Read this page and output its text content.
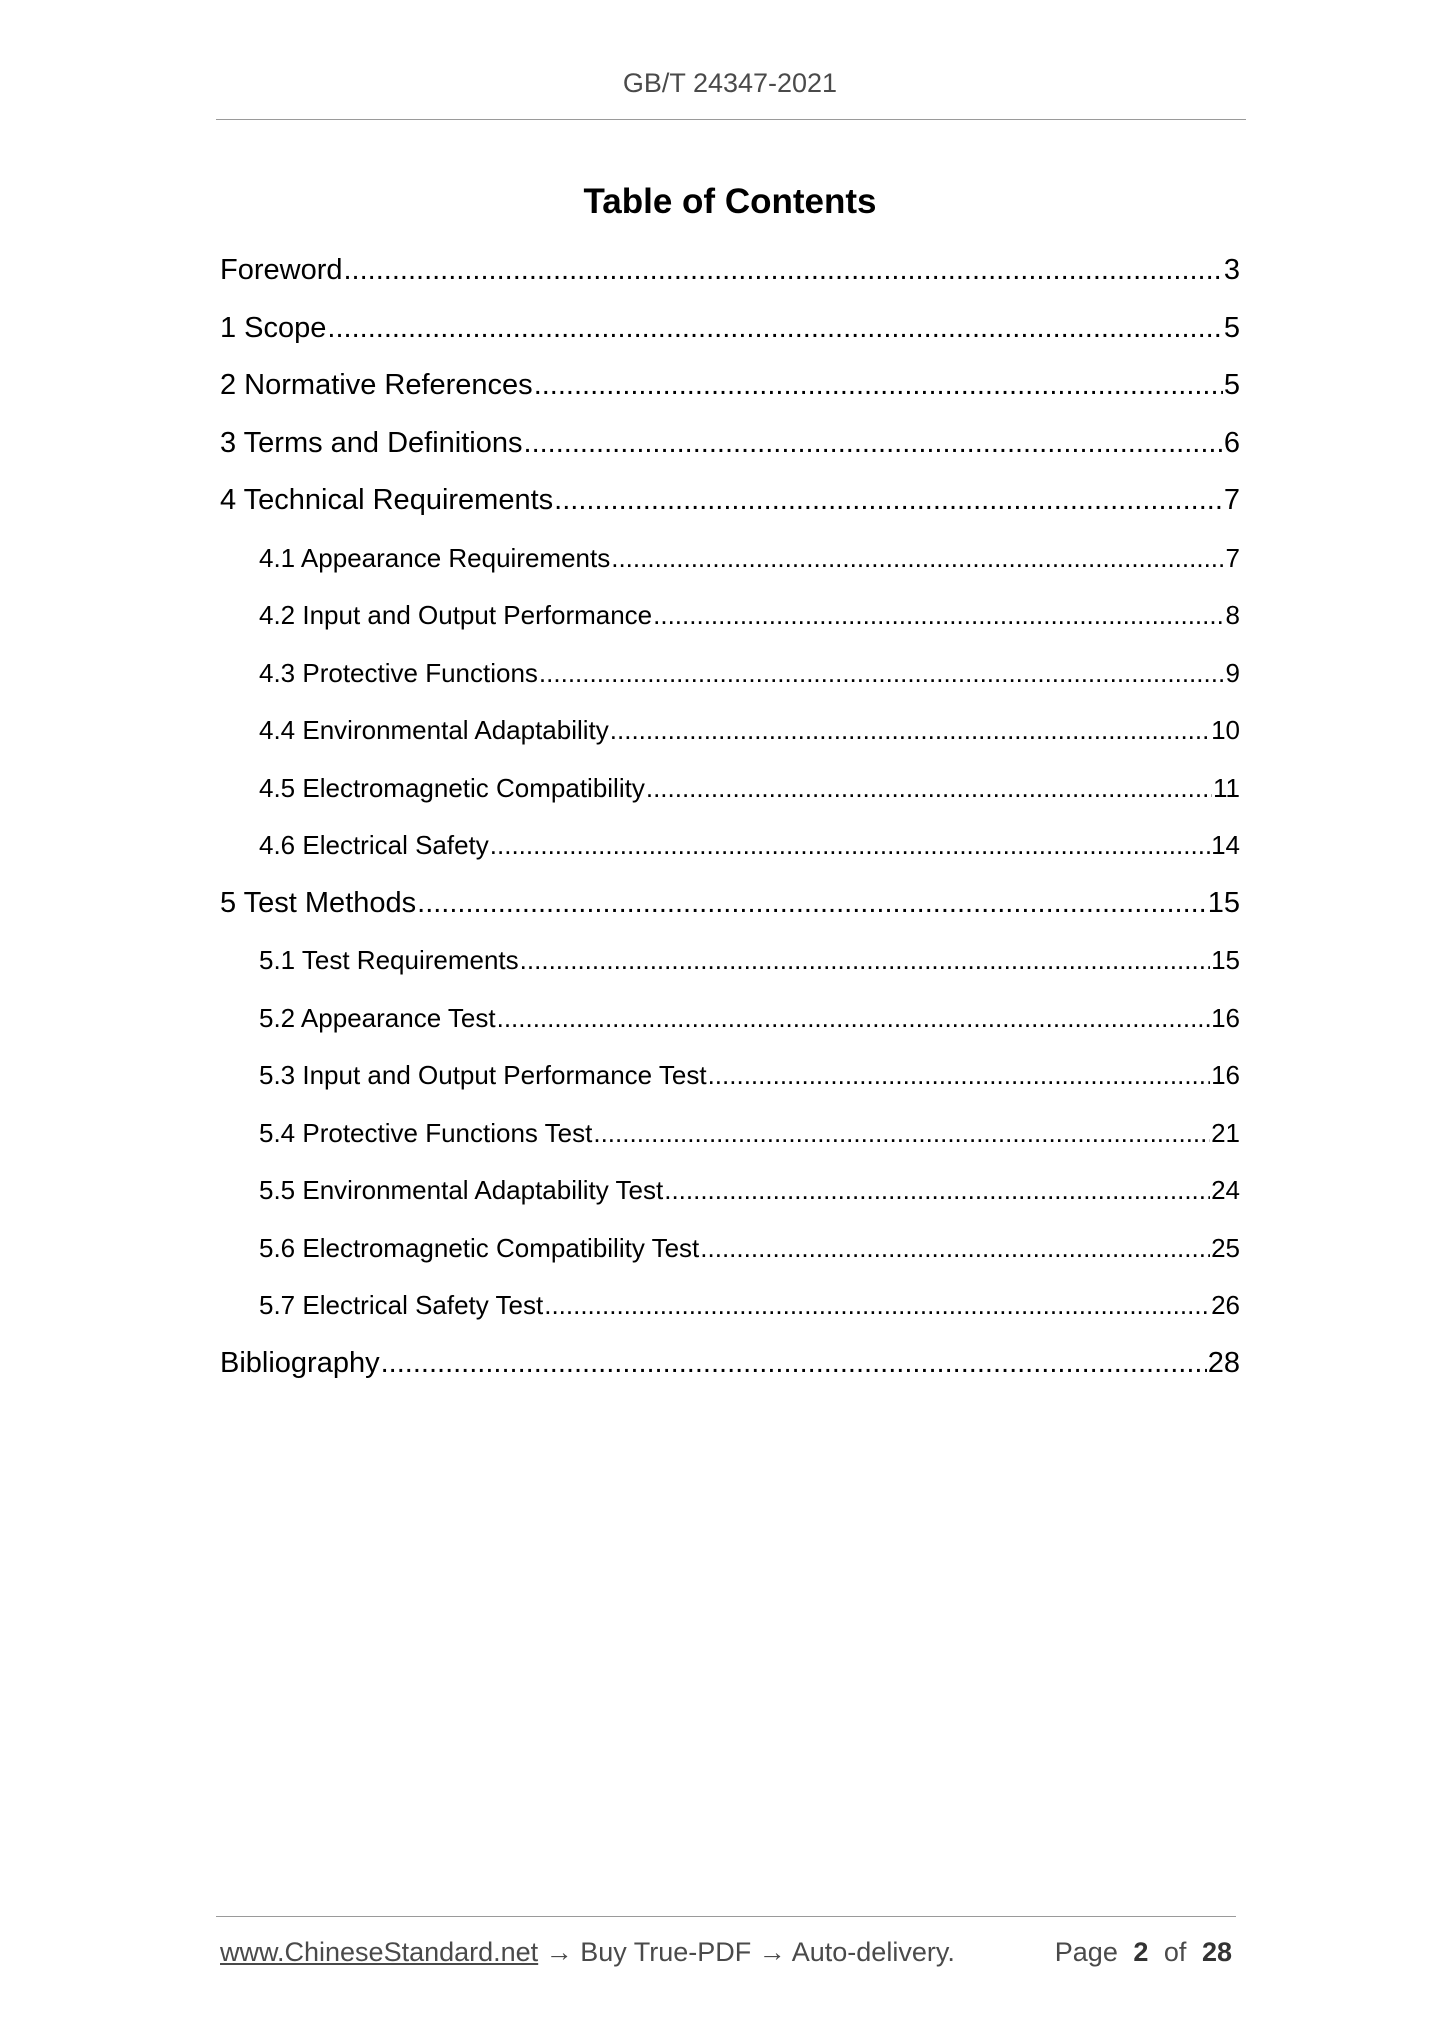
GB/T 24347-2021
Table of Contents
Foreword .....	3
1 Scope .....	5
2 Normative References .....	5
3 Terms and Definitions .....	6
4 Technical Requirements .....	7
4.1 Appearance Requirements .....	7
4.2 Input and Output Performance .....	8
4.3 Protective Functions .....	9
4.4 Environmental Adaptability .....	10
4.5 Electromagnetic Compatibility .....	11
4.6 Electrical Safety .....	14
5 Test Methods .....	15
5.1 Test Requirements .....	15
5.2 Appearance Test .....	16
5.3 Input and Output Performance Test .....	16
5.4 Protective Functions Test .....	21
5.5 Environmental Adaptability Test .....	24
5.6 Electromagnetic Compatibility Test .....	25
5.7 Electrical Safety Test .....	26
Bibliography .....	28
www.ChineseStandard.net → Buy True-PDF → Auto-delivery.	Page 2 of 28
